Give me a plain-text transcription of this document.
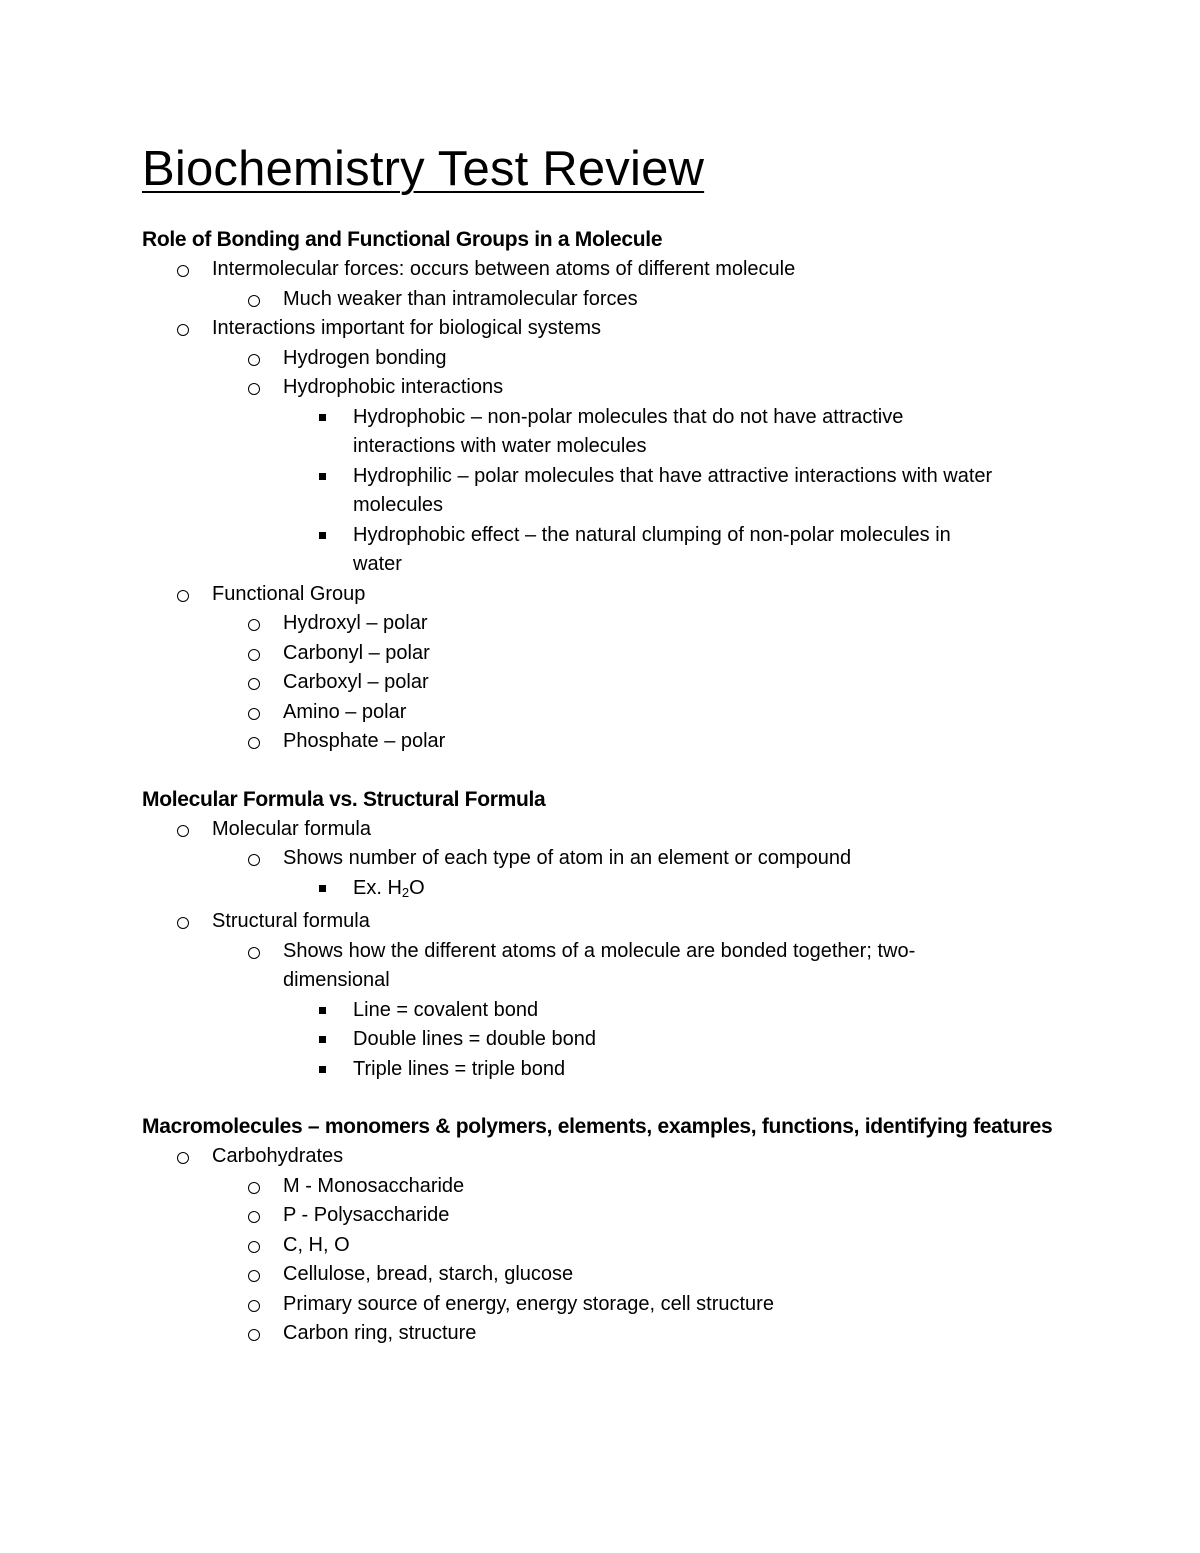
Biochemistry Test Review
Role of Bonding and Functional Groups in a Molecule
Intermolecular forces: occurs between atoms of different molecule
Much weaker than intramolecular forces
Interactions important for biological systems
Hydrogen bonding
Hydrophobic interactions
Hydrophobic – non-polar molecules that do not have attractive
interactions with water molecules
Hydrophilic – polar molecules that have attractive interactions with water
molecules
Hydrophobic effect – the natural clumping of non-polar molecules in
water
Functional Group
Hydroxyl – polar
Carbonyl – polar
Carboxyl – polar
Amino – polar
Phosphate – polar
Molecular Formula vs. Structural Formula
Molecular formula
Shows number of each type of atom in an element or compound
Ex. $H_2O$
Structural formula
Shows how the different atoms of a molecule are bonded together; two-
dimensional
Line = covalent bond
Double lines = double bond
Triple lines = triple bond
Macromolecules – monomers & polymers, elements, examples, functions, identifying features
Carbohydrates
M - Monosaccharide
P - Polysaccharide
C, H, O
Cellulose, bread, starch, glucose
Primary source of energy, energy storage, cell structure
Carbon ring, structure
